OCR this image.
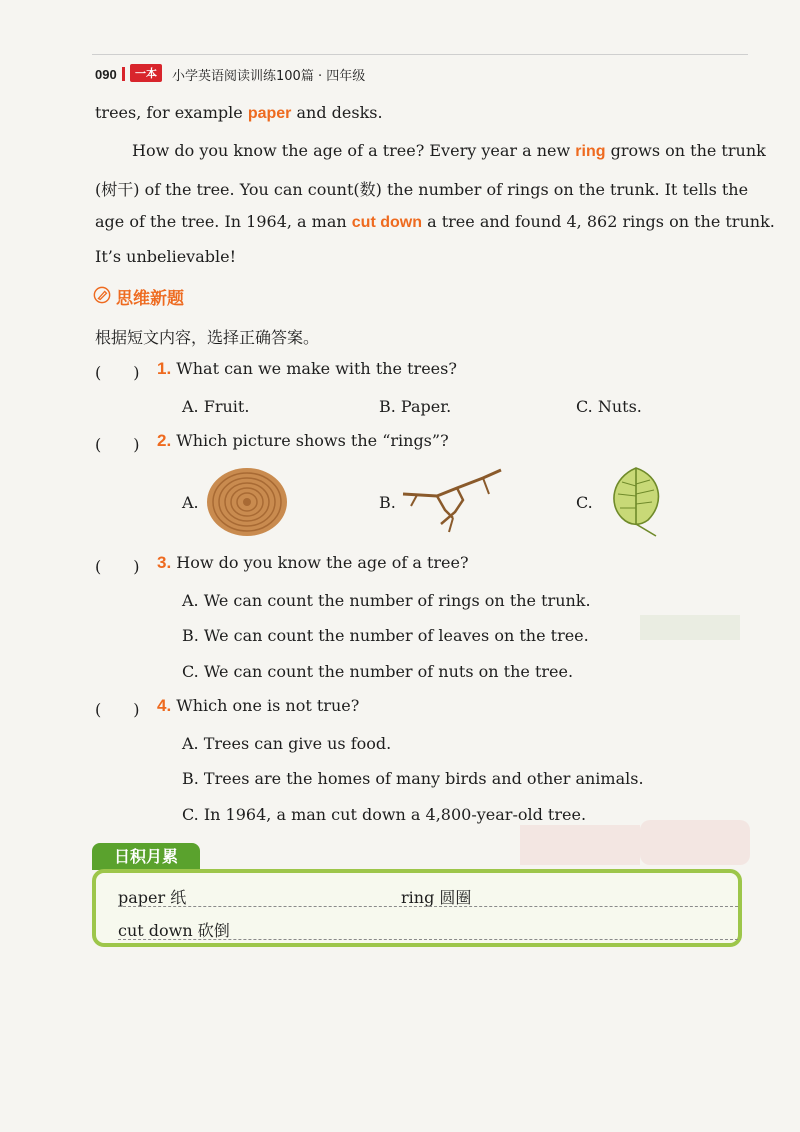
090	一本	小学英语阅读训练100篇 · 四年级
trees, for example paper and desks.
How do you know the age of a tree? Every year a new ring grows on the trunk
(树干) of the tree. You can count(数) the number of rings on the trunk. It tells the
age of the tree. In 1964, a man cut down a tree and found 4, 862 rings on the trunk.
It’s unbelievable!
思维新题
根据短文内容，选择正确答案。
(　　) 1. What can we make with the trees?
A. Fruit.	B. Paper.	C. Nuts.
(　　) 2. Which picture shows the “rings”?
A.	B.	C.
(　　) 3. How do you know the age of a tree?
A. We can count the number of rings on the trunk.
B. We can count the number of leaves on the tree.
C. We can count the number of nuts on the tree.
(　　) 4. Which one is not true?
A. Trees can give us food.
B. Trees are the homes of many birds and other animals.
C. In 1964, a man cut down a 4,800-year-old tree.
日积月累
paper 纸	ring 圆圈
cut down 砍倒
